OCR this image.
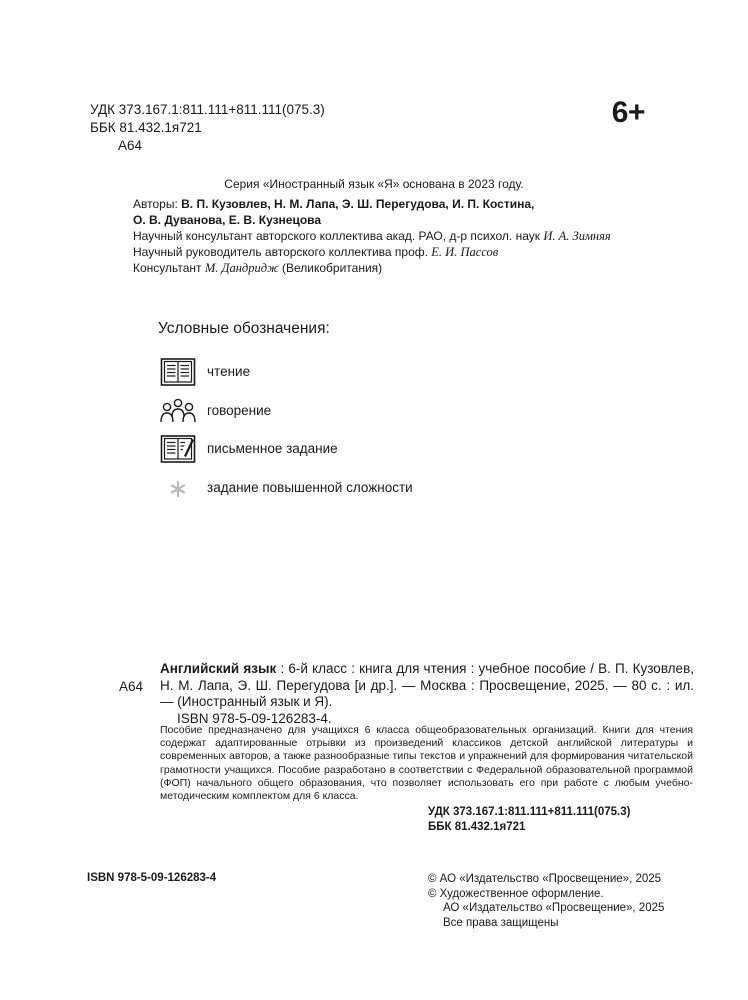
УДК 373.167.1:811.111+811.111(075.3)
ББК 81.432.1я721
А64
6+
Серия «Иностранный язык «Я» основана в 2023 году.
Авторы: В. П. Кузовлев, Н. М. Лапа, Э. Ш. Перегудова, И. П. Костина,
О. В. Дуванова, Е. В. Кузнецова
Научный консультант авторского коллектива акад. РАО, д-р психол. наук И. А. Зимняя
Научный руководитель авторского коллектива проф. Е. И. Пассов
Консультант М. Дандридж (Великобритания)
Условные обозначения:
чтение
говорение
письменное задание
задание повышенной сложности
А64
Английский язык : 6-й класс : книга для чтения : учебное пособие / В. П. Кузовлев, Н. М. Лапа, Э. Ш. Перегудова [и др.]. — Москва : Просвещение, 2025. — 80 с. : ил. — (Иностранный язык и Я).
ISBN 978-5-09-126283-4.
Пособие предназначено для учащихся 6 класса общеобразовательных организаций. Книги для чтения содержат адаптированные отрывки из произведений классиков детской английской литературы и современных авторов, а также разнообразные типы текстов и упражнений для формирования читательской грамотности учащихся. Пособие разработано в соответствии с Федеральной образовательной программой (ФОП) начального общего образования, что позволяет использовать его при работе с любым учебно-методическим комплектом для 6 класса.
УДК 373.167.1:811.111+811.111(075.3)
ББК 81.432.1я721
ISBN 978-5-09-126283-4	© АО «Издательство «Просвещение», 2025
© Художественное оформление.
АО «Издательство «Просвещение», 2025
Все права защищены
